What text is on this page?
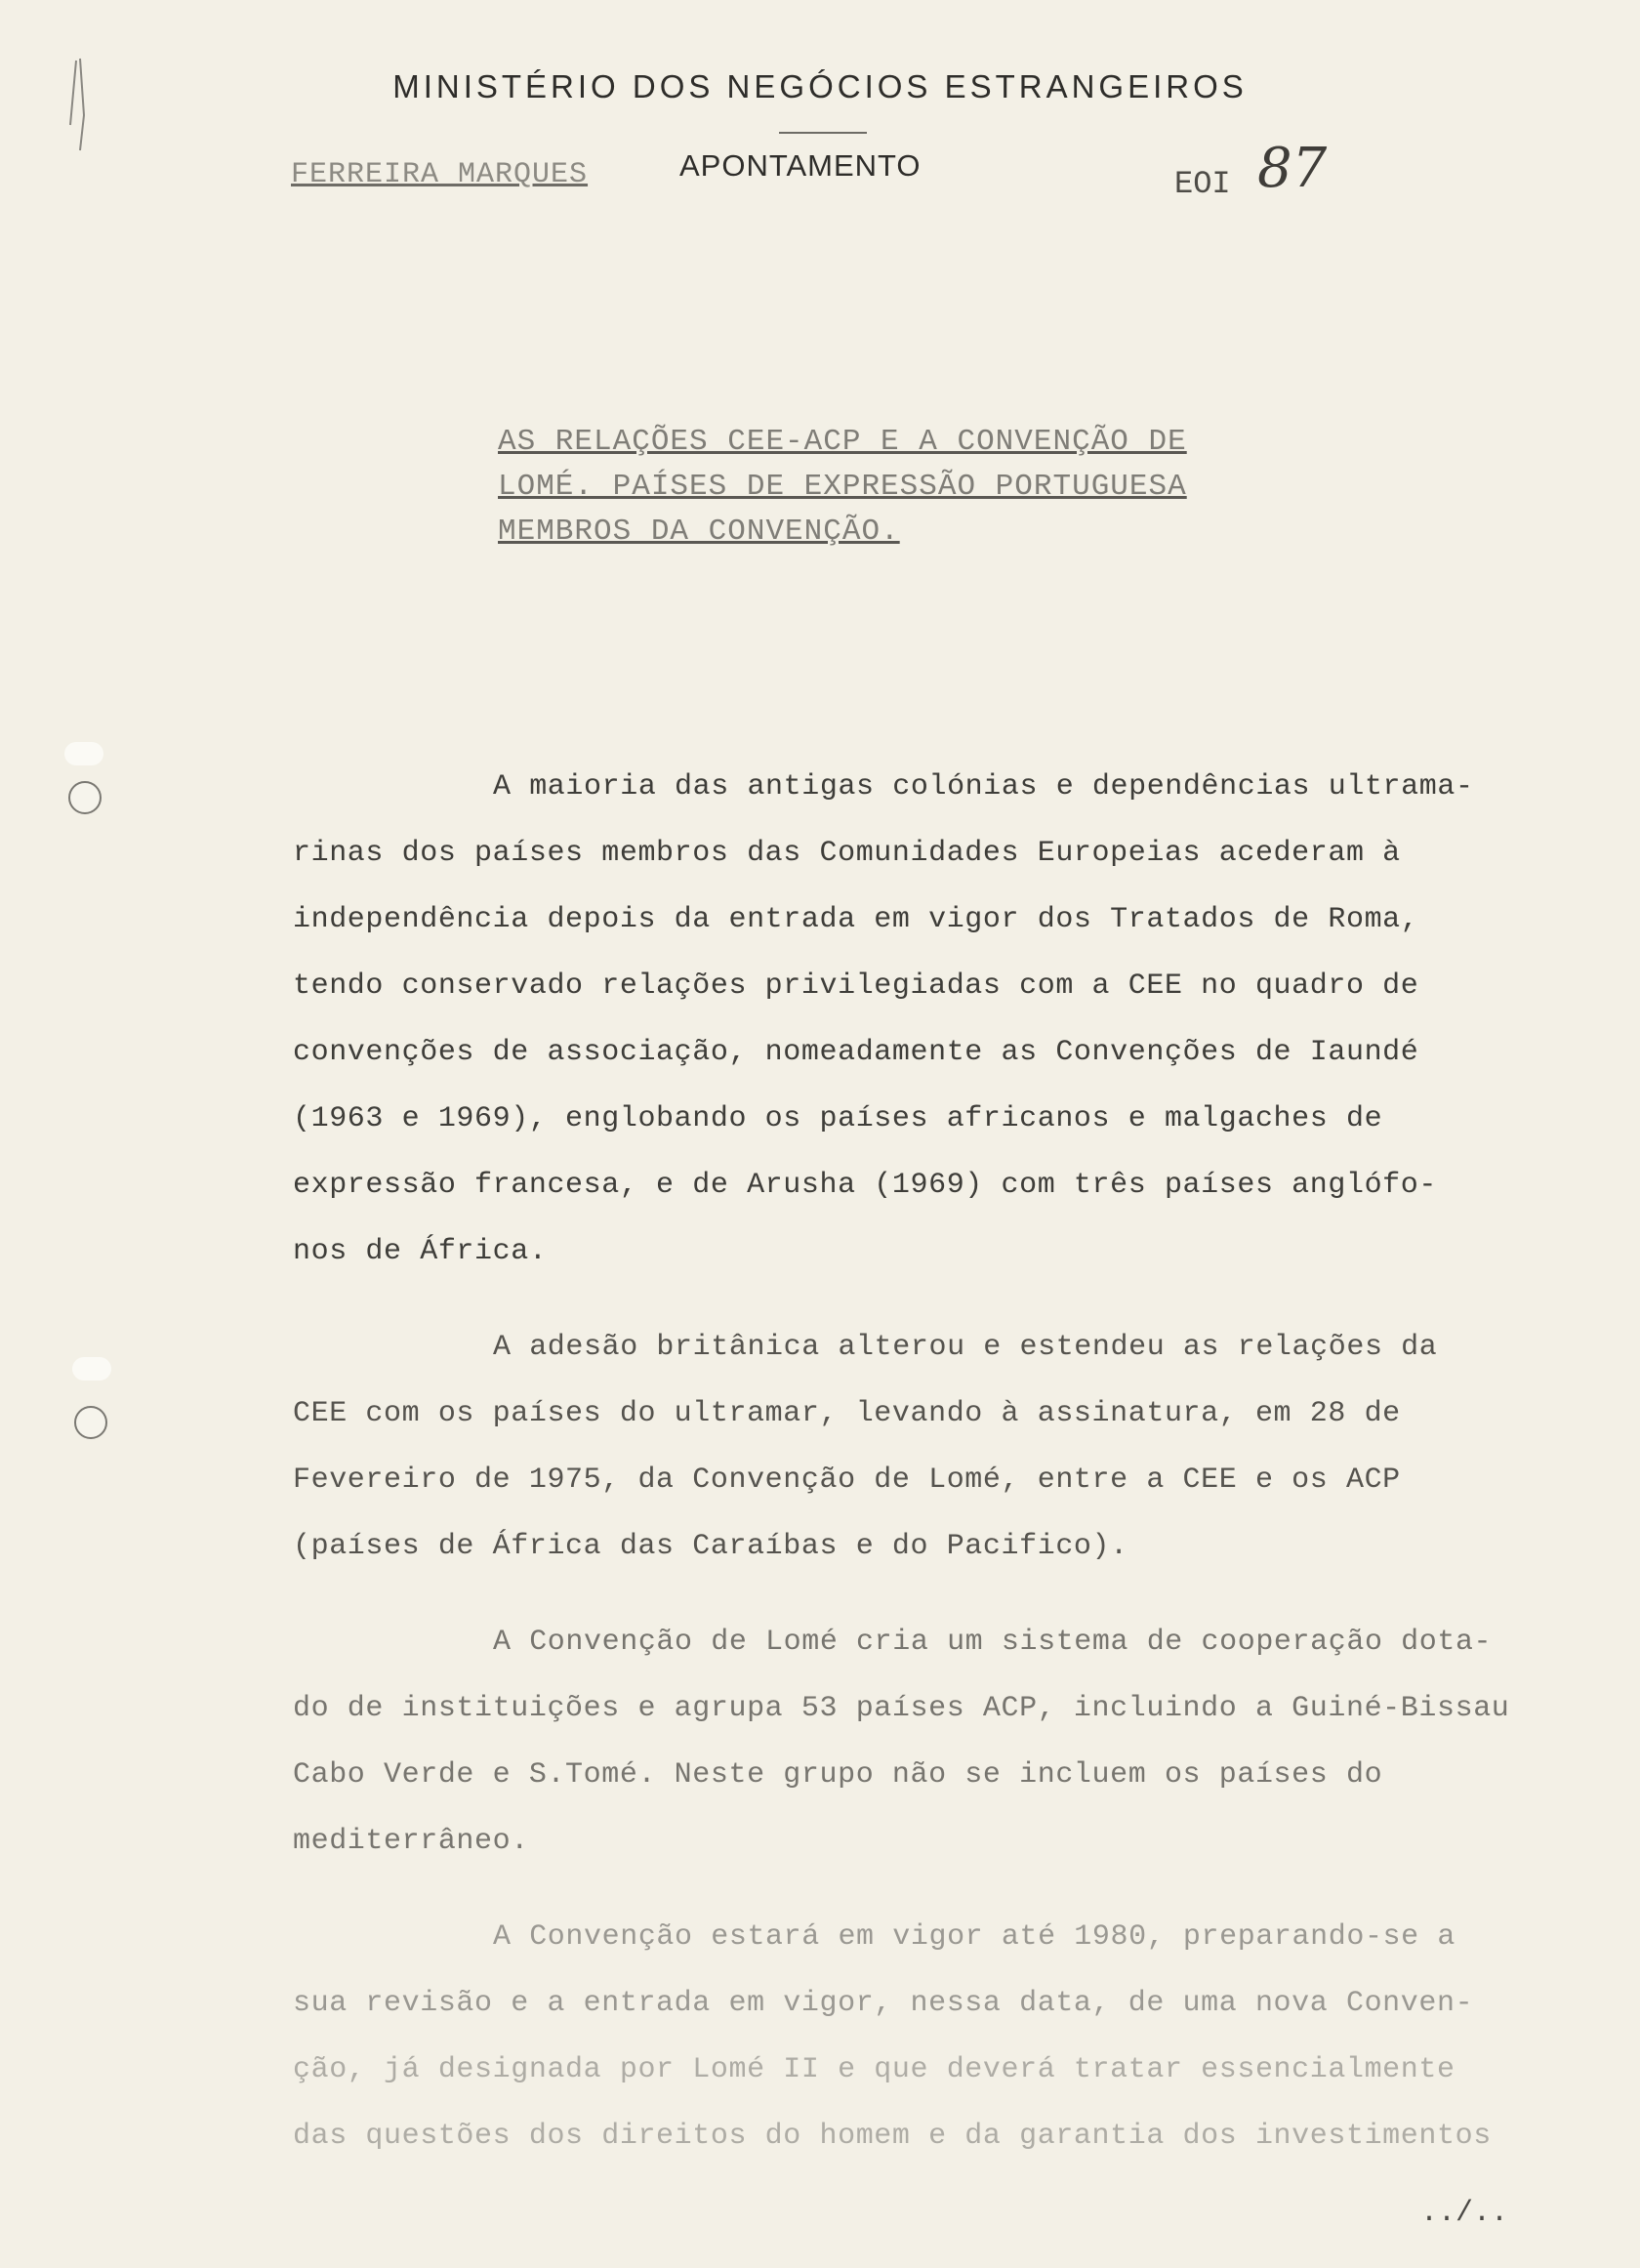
MINISTÉRIO DOS NEGÓCIOS ESTRANGEIROS
FERREIRA MARQUES	APONTAMENTO
EOI 87
AS RELAÇÕES CEE-ACP E A CONVENÇÃO DE
LOMÉ. PAÍSES DE EXPRESSÃO PORTUGUESA
MEMBROS DA CONVENÇÃO.
A maioria das antigas colónias e dependências ultrama-
rinas dos países membros das Comunidades Europeias acederam à
independência depois da entrada em vigor dos Tratados de Roma,
tendo conservado relações privilegiadas com a CEE no quadro de
convenções de associação, nomeadamente as Convenções de Iaundé
(1963 e 1969), englobando os países africanos e malgaches de
expressão francesa, e de Arusha (1969) com três países anglófo-
nos de África.
A adesão britânica alterou e estendeu as relações da
CEE com os países do ultramar, levando à assinatura, em 28 de
Fevereiro de 1975, da Convenção de Lomé, entre a CEE e os ACP
(países de África das Caraíbas e do Pacifico).
A Convenção de Lomé cria um sistema de cooperação dota-
do de instituições e agrupa 53 países ACP, incluindo a Guiné-Bissau
Cabo Verde e S.Tomé. Neste grupo não se incluem os países do
mediterrâneo.
A Convenção estará em vigor até 1980, preparando-se a
sua revisão e a entrada em vigor, nessa data, de uma nova Conven-
ção, já designada por Lomé II e que deverá tratar essencialmente
das questões dos direitos do homem e da garantia dos investimentos
../..
